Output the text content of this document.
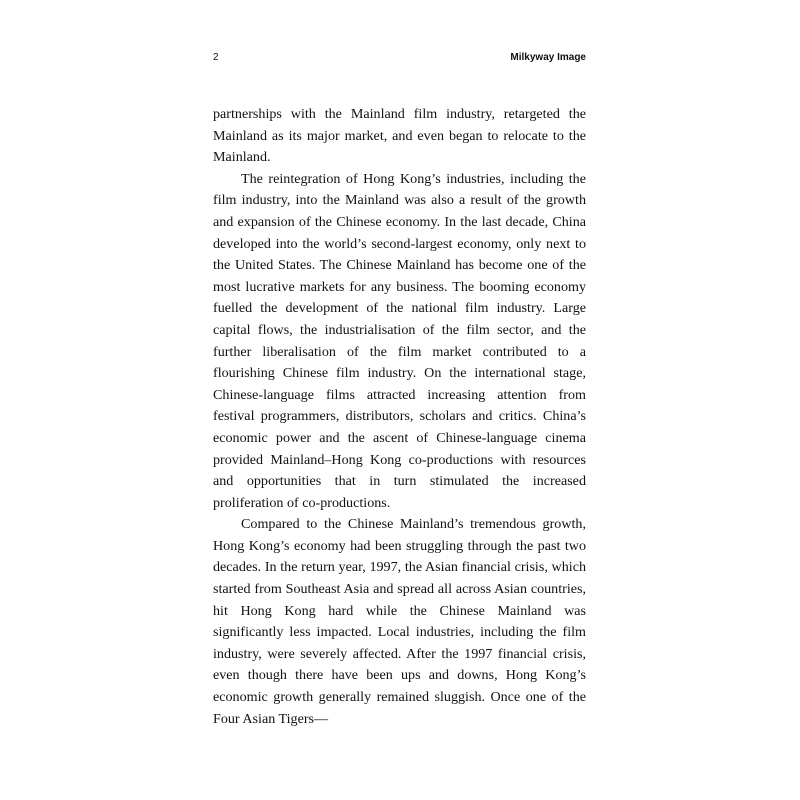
2	Milkyway Image

partnerships with the Mainland film industry, retargeted the Mainland as its major market, and even began to relocate to the Mainland.

The reintegration of Hong Kong’s industries, including the film industry, into the Mainland was also a result of the growth and expansion of the Chinese economy. In the last decade, China developed into the world’s second-largest economy, only next to the United States. The Chinese Mainland has become one of the most lucrative markets for any business. The booming economy fuelled the development of the national film industry. Large capital flows, the industrialisation of the film sector, and the further liberalisation of the film market contributed to a flourishing Chinese film industry. On the international stage, Chinese-language films attracted increasing attention from festival programmers, distributors, scholars and critics. China’s economic power and the ascent of Chinese-language cinema provided Mainland–Hong Kong co-productions with resources and opportunities that in turn stimulated the increased proliferation of co-productions.

Compared to the Chinese Mainland’s tremendous growth, Hong Kong’s economy had been struggling through the past two decades. In the return year, 1997, the Asian financial crisis, which started from Southeast Asia and spread all across Asian countries, hit Hong Kong hard while the Chinese Mainland was significantly less impacted. Local industries, including the film industry, were severely affected. After the 1997 financial crisis, even though there have been ups and downs, Hong Kong’s economic growth generally remained sluggish. Once one of the Four Asian Tigers—
